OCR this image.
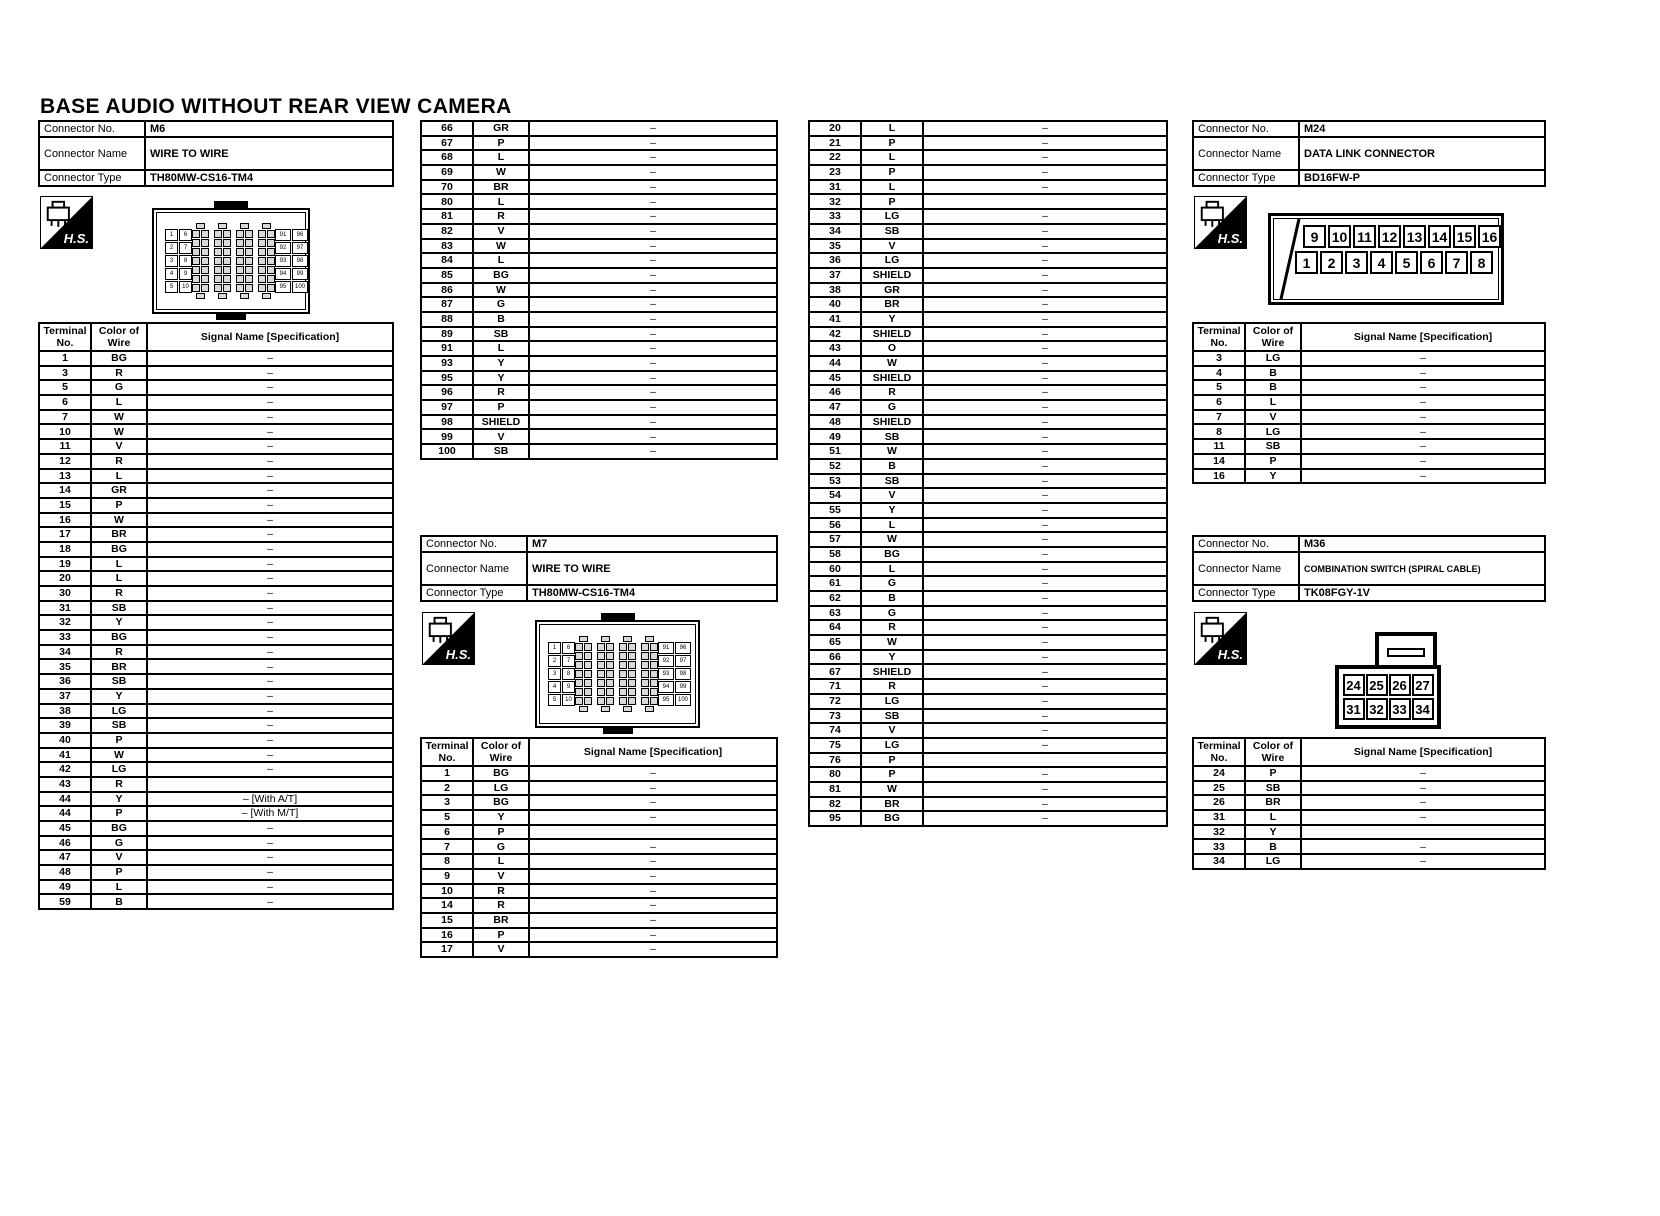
BASE AUDIO WITHOUT REAR VIEW CAMERA
Connector No.	M6
Connector Name	WIRE TO WIRE
Connector Type	TH80MW-CS16-TM4
H.S.	1	6
2	7
3	8
4	9
5	10
91	96
92	97
93	98
94	99
95	100
Terminal No.	Color of Wire	Signal Name [Specification]
1	BG	–
3	R	–
5	G	–
6	L	–
7	W	–
10	W	–
11	V	–
12	R	–
13	L	–
14	GR	–
15	P	–
16	W	–
17	BR	–
18	BG	–
19	L	–
20	L	–
30	R	–
31	SB	–
32	Y	–
33	BG	–
34	R	–
35	BR	–
36	SB	–
37	Y	–
38	LG	–
39	SB	–
40	P	–
41	W	–
42	LG	–
43	R	
44	Y	– [With A/T]
44	P	– [With M/T]
45	BG	–
46	G	–
47	V	–
48	P	–
49	L	–
59	B	–
66	GR	–
67	P	–
68	L	–
69	W	–
70	BR	–
80	L	–
81	R	–
82	V	–
83	W	–
84	L	–
85	BG	–
86	W	–
87	G	–
88	B	–
89	SB	–
91	L	–
93	Y	–
95	Y	–
96	R	–
97	P	–
98	SHIELD	–
99	V	–
100	SB	–
Connector No.	M7
Connector Name	WIRE TO WIRE
Connector Type	TH80MW-CS16-TM4
H.S.	1	6
2	7
3	8
4	9
5	10
91	96
92	97
93	98
94	99
95	100
Terminal No.	Color of Wire	Signal Name [Specification]
1	BG	–
2	LG	–
3	BG	–
5	Y	–
6	P	
7	G	–
8	L	–
9	V	–
10	R	–
14	R	–
15	BR	–
16	P	–
17	V	–
20	L	–
21	P	–
22	L	–
23	P	–
31	L	–
32	P	
33	LG	–
34	SB	–
35	V	–
36	LG	–
37	SHIELD	–
38	GR	–
40	BR	–
41	Y	–
42	SHIELD	–
43	O	–
44	W	–
45	SHIELD	–
46	R	–
47	G	–
48	SHIELD	–
49	SB	–
51	W	–
52	B	–
53	SB	–
54	V	–
55	Y	–
56	L	–
57	W	–
58	BG	–
60	L	–
61	G	–
62	B	–
63	G	–
64	R	–
65	W	–
66	Y	–
67	SHIELD	–
71	R	–
72	LG	–
73	SB	–
74	V	–
75	LG	–
76	P	
80	P	–
81	W	–
82	BR	–
95	BG	–
Connector No.	M24
Connector Name	DATA LINK CONNECTOR
Connector Type	BD16FW-P
H.S.	9 10 11 12 13 14 15 16
1	2	3	4	5	6	7	8
Terminal No.	Color of Wire	Signal Name [Specification]
3	LG	–
4	B	–
5	B	–
6	L	–
7	V	–
8	LG	–
11	SB	–
14	P	–
16	Y	–
Connector No.	M36
Connector Name	COMBINATION SWITCH (SPIRAL CABLE)
Connector Type	TK08FGY-1V
H.S.
24 25 26 27
31 32 33 34
Terminal No.	Color of Wire	Signal Name [Specification]
24	P	–
25	SB	–
26	BR	–
31	L	–
32	Y	
33	B	–
34	LG	–
